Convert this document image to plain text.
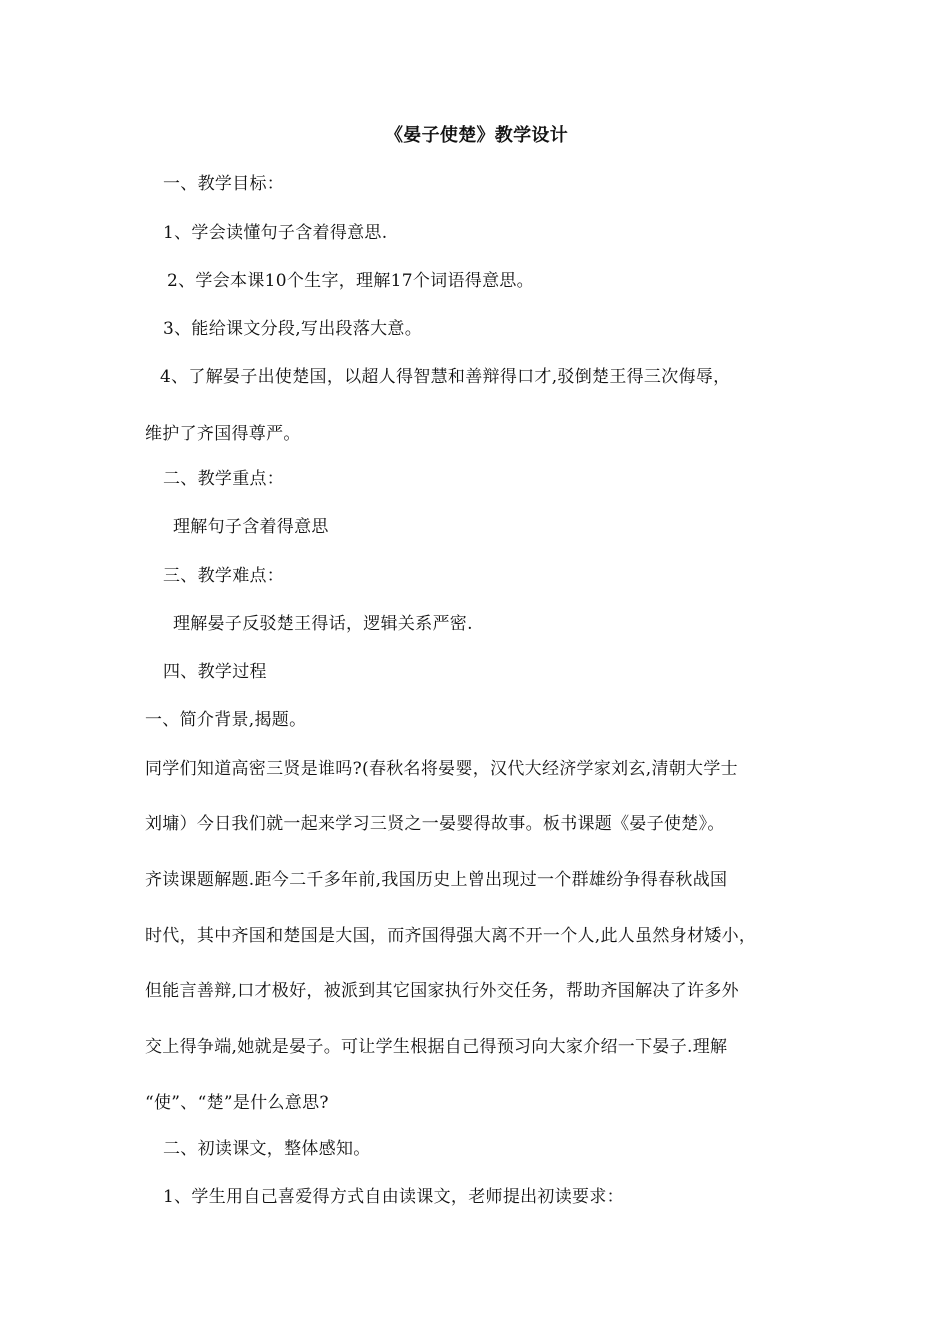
《晏子使楚》教学设计
一、教学目标：
1、学会读懂句子含着得意思.
2、学会本课10个生字，理解17个词语得意思。
3、能给课文分段,写出段落大意。
4、了解晏子出使楚国，以超人得智慧和善辩得口才,驳倒楚王得三次侮辱，
维护了齐国得尊严。
二、教学重点：
理解句子含着得意思
三、教学难点：
理解晏子反驳楚王得话，逻辑关系严密.
四、教学过程
一、简介背景,揭题。
同学们知道高密三贤是谁吗?(春秋名将晏婴，汉代大经济学家刘玄,清朝大学士
刘墉）今日我们就一起来学习三贤之一晏婴得故事。板书课题《晏子使楚》。
齐读课题解题.距今二千多年前,我国历史上曾出现过一个群雄纷争得春秋战国
时代，其中齐国和楚国是大国，而齐国得强大离不开一个人,此人虽然身材矮小，
但能言善辩,口才极好，被派到其它国家执行外交任务，帮助齐国解决了许多外
交上得争端,她就是晏子。可让学生根据自己得预习向大家介绍一下晏子.理解
“使”、“楚”是什么意思?
二、初读课文，整体感知。
1、学生用自己喜爱得方式自由读课文，老师提出初读要求：
